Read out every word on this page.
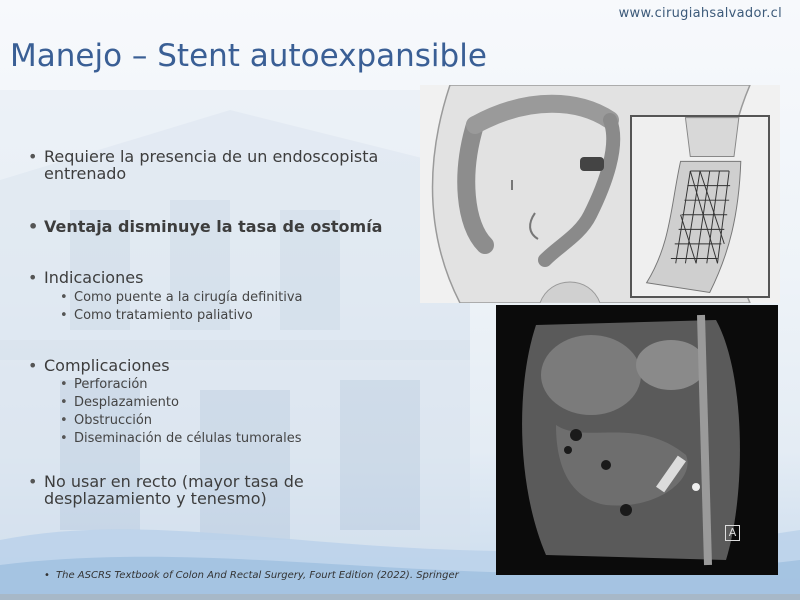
www.cirugiahsalvador.cl
Manejo – Stent autoexpansible
• Requiere la presencia de un endoscopista entrenado
• Ventaja disminuye la tasa de ostomía
• Indicaciones
• Como puente a la cirugía definitiva
• Como tratamiento paliativo
• Complicaciones
• Perforación
• Desplazamiento
• Obstrucción
• Diseminación de células tumorales
• No usar en recto (mayor tasa de desplazamiento y tenesmo)
A
• The ASCRS Textbook of Colon And Rectal Surgery, Fourt Edition (2022). Springer
